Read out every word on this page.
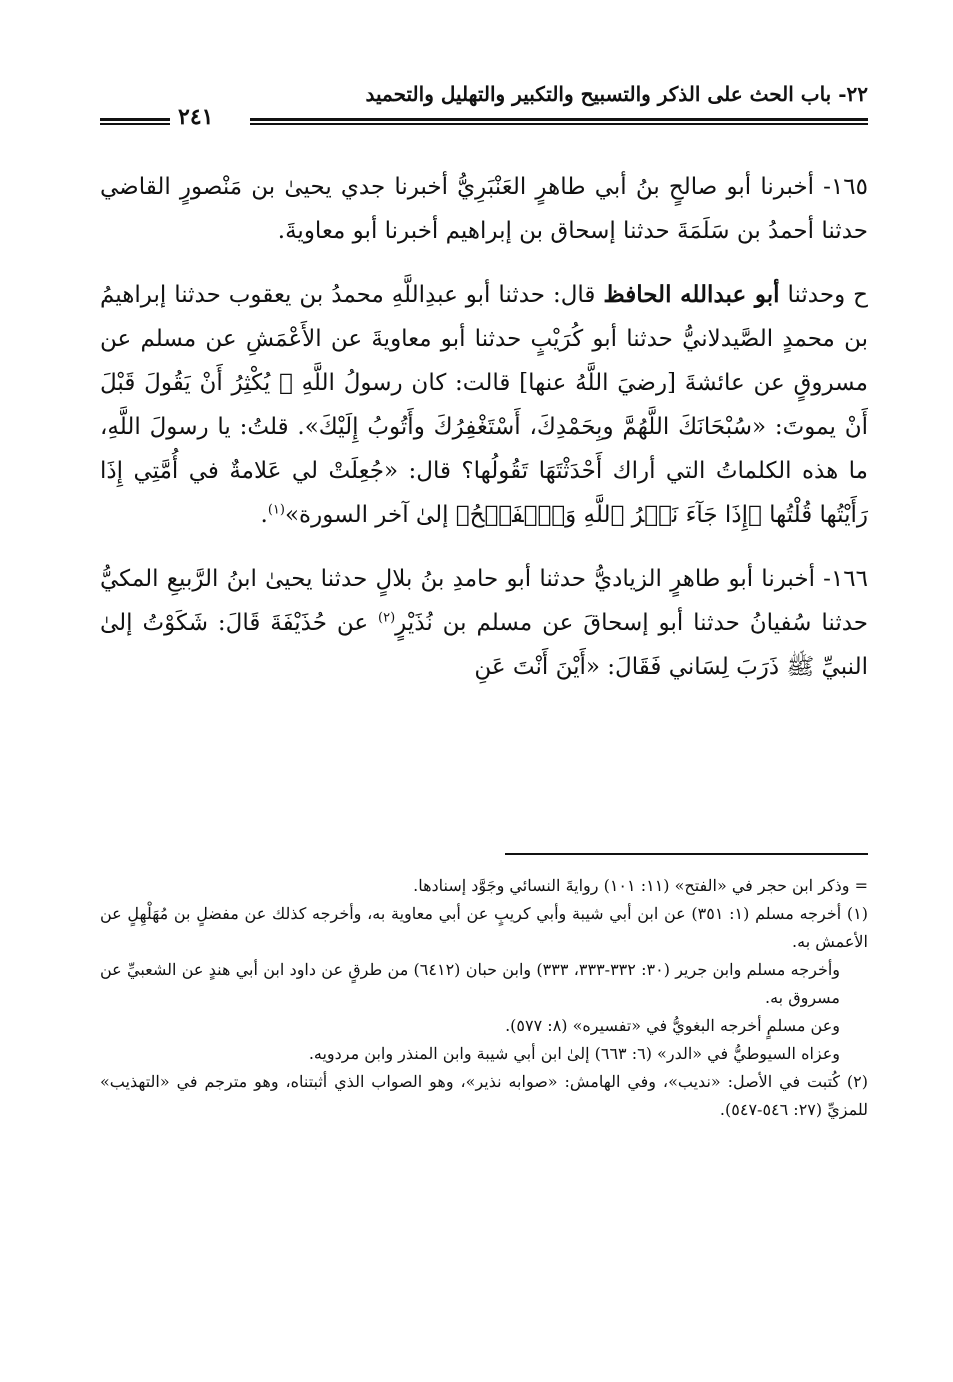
٢٤١
٢٢- باب الحث على الذكر والتسبيح والتكبير والتهليل والتحميد

١٦٥- أخبرنا أبو صالحٍ بنُ أبي طاهرٍ العَنْبَرِيُّ أخبرنا جدي يحيىٰ بن مَنْصورٍ القاضي حدثنا أحمدُ بن سَلَمَةَ حدثنا إسحاق بن إبراهيم أخبرنا أبو معاويةَ.

ح وحدثنا أبو عبدالله الحافظ قال: حدثنا أبو عبدِاللَّهِ محمدُ بن يعقوب حدثنا إبراهيمُ بن محمدٍ الصَّيدلانيُّ حدثنا أبو كُرَيْبٍ حدثنا أبو معاويةَ عن الأَعْمَشِ عن مسلم عن مسروقٍ عن عائشةَ [رضيَ اللَّهُ عنها] قالت: كان رسولُ اللَّهِ ﷺ يُكْثِرُ أَنْ يَقُولَ قَبْلَ أَنْ يموتَ: «سُبْحَانَكَ اللَّهُمَّ وبِحَمْدِكَ، أَسْتَغْفِرُكَ وأَتُوبُ إِلَيْكَ». قلتُ: يا رسولَ اللَّهِ، ما هذه الكلماتُ التي أراك أَحْدَثْتَهَا تَقُولُها؟ قال: «جُعِلَتْ لي عَلامةٌ في أُمَّتِي إِذَا رَأَيْتُها قُلْتُها ﴿إِذَا جَآءَ نَصۡرُ ٱللَّهِ وَٱلۡفَتۡحُ﴾ إلىٰ آخر السورة»$^{(١)}$.

١٦٦- أخبرنا أبو طاهرٍ الزياديُّ حدثنا أبو حامدِ بنُ بلالٍ حدثنا يحيىٰ ابنُ الرَّبيعِ المكيُّ حدثنا سُفيانُ حدثنا أبو إسحاقَ عن مسلم بن نُذَيْرٍ$^{(٢)}$ عن حُذَيْفَةَ قَالَ: شَكَوْتُ إلىٰ النبيِّ ﷺ ذَرَبَ لِسَاني فَقَالَ: «أَيْنَ أَنْتَ عَنِ

= وذكر ابن حجر في «الفتح» (١١: ١٠١) روايةَ النسائي وجَوَّد إسنادها.

(١) أخرجه مسلم (١: ٣٥١) عن ابن أبي شيبة وأبي كريبٍ عن أبي معاوية به، وأخرجه كذلك عن مفضلٍ بن مُهَلْهِلٍ عن الأعمش به.

وأخرجه مسلم وابن جرير (٣٠: ٣٣٢-٣٣٣، ٣٣٣) وابن حبان (٦٤١٢) من طرقٍ عن داود ابن أبي هندٍ عن الشعبيِّ عن مسروق به.

وعن مسلمٍ أخرجه البغويُّ في «تفسيره» (٨: ٥٧٧).

وعزاه السيوطيُّ في «الدر» (٦: ٦٦٣) إلىٰ ابن أبي شيبة وابن المنذر وابن مردويه.

(٢) كُتبت في الأصل: «نديب»، وفي الهامش: «صوابه نذير»، وهو الصواب الذي أثبتناه، وهو مترجم في «التهذيب» للمزيِّ (٢٧: ٥٤٦-٥٤٧).
